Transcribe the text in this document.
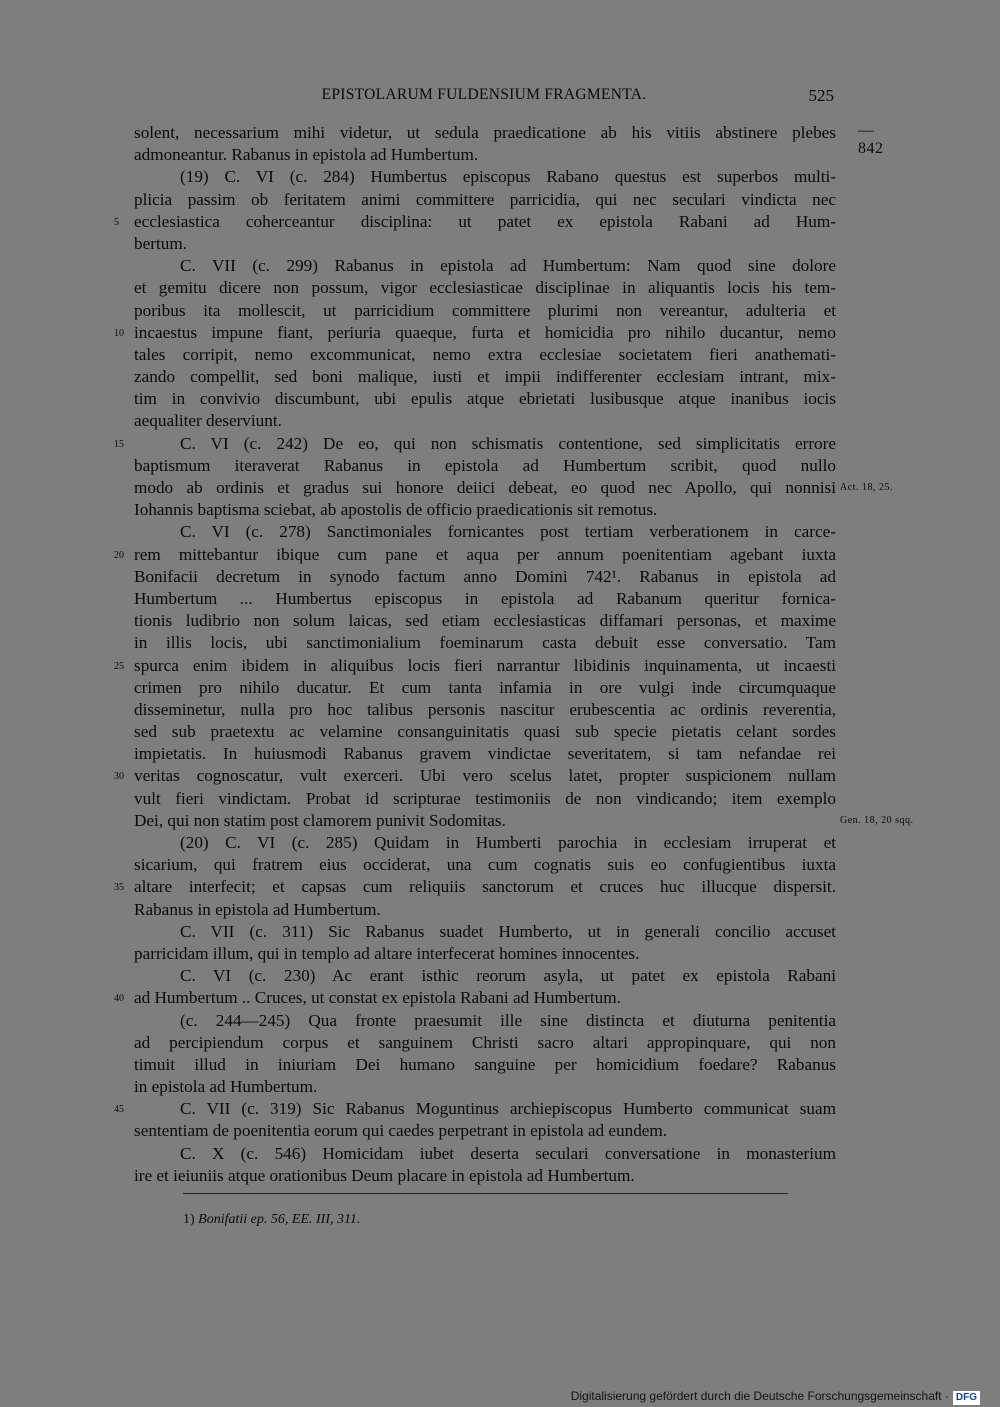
EPISTOLARUM FULDENSIUM FRAGMENTA.	525
—842
solent, necessarium mihi videtur, ut sedula praedicatione ab his vitiis abstinere plebes
admoneantur. Rabanus in epistola ad Humbertum.
(19) C. VI (c. 284) Humbertus episcopus Rabano questus est superbos multi-
plicia passim ob feritatem animi committere parricidia, qui nec seculari vindicta nec
ecclesiastica coherceantur disciplina: ut patet ex epistola Rabani ad Hum-
5
bertum.
C. VII (c. 299) Rabanus in epistola ad Humbertum: Nam quod sine dolore
et gemitu dicere non possum, vigor ecclesiasticae disciplinae in aliquantis locis his tem-
poribus ita mollescit, ut parricidium committere plurimi non vereantur, adulteria et
incaestus impune fiant, periuria quaeque, furta et homicidia pro nihilo ducantur, nemo
10
tales corripit, nemo excommunicat, nemo extra ecclesiae societatem fieri anathemati-
zando compellit, sed boni malique, iusti et impii indifferenter ecclesiam intrant, mix-
tim in convivio discumbunt, ubi epulis atque ebrietati lusibusque atque inanibus iocis
aequaliter deserviunt.
C. VI (c. 242) De eo, qui non schismatis contentione, sed simplicitatis errore
15
baptismum iteraverat Rabanus in epistola ad Humbertum scribit, quod nullo
modo ab ordinis et gradus sui honore deiici debeat, eo quod nec Apollo, qui nonnisi Act. 18, 25.
Iohannis baptisma sciebat, ab apostolis de officio praedicationis sit remotus.
C. VI (c. 278) Sanctimoniales fornicantes post tertiam verberationem in carce-
rem mittebantur ibique cum pane et aqua per annum poenitentiam agebant iuxta
20
Bonifacii decretum in synodo factum anno Domini 742¹. Rabanus in epistola ad
Humbertum ... Humbertus episcopus in epistola ad Rabanum queritur fornica-
tionis ludibrio non solum laicas, sed etiam ecclesiasticas diffamari personas, et maxime
in illis locis, ubi sanctimonialium foeminarum casta debuit esse conversatio. Tam
spurca enim ibidem in aliquibus locis fieri narrantur libidinis inquinamenta, ut incaesti
25
crimen pro nihilo ducatur. Et cum tanta infamia in ore vulgi inde circumquaque
disseminetur, nulla pro hoc talibus personis nascitur erubescentia ac ordinis reverentia,
sed sub praetextu ac velamine consanguinitatis quasi sub specie pietatis celant sordes
impietatis. In huiusmodi Rabanus gravem vindictae severitatem, si tam nefandae rei
veritas cognoscatur, vult exerceri. Ubi vero scelus latet, propter suspicionem nullam
30
vult fieri vindictam. Probat id scripturae testimoniis de non vindicando; item exemplo
Dei, qui non statim post clamorem punivit Sodomitas.	Gen. 18, 20 sqq.
(20) C. VI (c. 285) Quidam in Humberti parochia in ecclesiam irruperat et
sicarium, qui fratrem eius occiderat, una cum cognatis suis eo confugientibus iuxta
altare interfecit; et capsas cum reliquiis sanctorum et cruces huc illucque dispersit.
35
Rabanus in epistola ad Humbertum.
C. VII (c. 311) Sic Rabanus suadet Humberto, ut in generali concilio accuset
parricidam illum, qui in templo ad altare interfecerat homines innocentes.
C. VI (c. 230) Ac erant isthic reorum asyla, ut patet ex epistola Rabani
ad Humbertum .. Cruces, ut constat ex epistola Rabani ad Humbertum.
40
(c. 244—245) Qua fronte praesumit ille sine distincta et diuturna penitentia
ad percipiendum corpus et sanguinem Christi sacro altari appropinquare, qui non
timuit illud in iniuriam Dei humano sanguine per homicidium foedare? Rabanus
in epistola ad Humbertum.
C. VII (c. 319) Sic Rabanus Moguntinus archiepiscopus Humberto communicat suam
45
sententiam de poenitentia eorum qui caedes perpetrant in epistola ad eundem.
C. X (c. 546) Homicidam iubet deserta seculari conversatione in monasterium
ire et ieiuniis atque orationibus Deum placare in epistola ad Humbertum.
1) Bonifatii ep. 56, EE. III, 311.
Digitalisierung gefördert durch die Deutsche Forschungsgemeinschaft · DFG
